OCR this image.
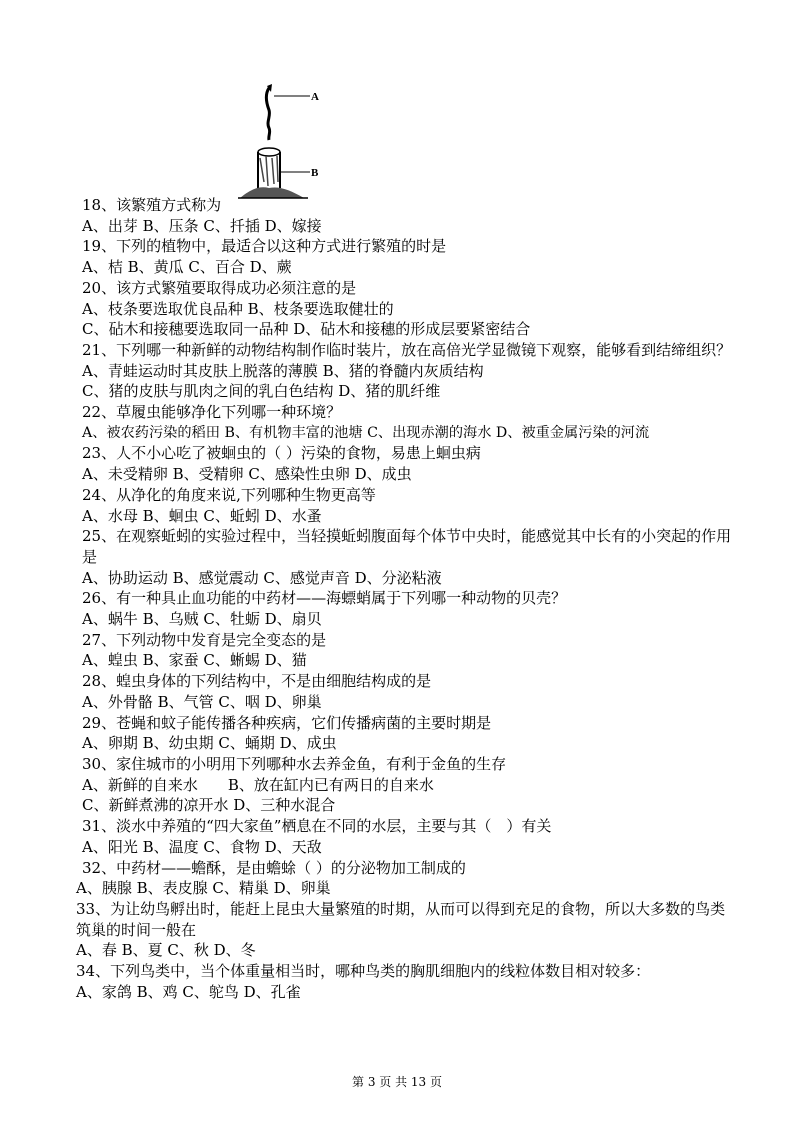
A
B
18、该繁殖方式称为
A、出芽 B、压条 C、扦插 D、嫁接
19、下列的植物中，最适合以这种方式进行繁殖的时是
A、桔 B、黄瓜 C、百合 D、蕨
20、该方式繁殖要取得成功必须注意的是
A、枝条要选取优良品种 B、枝条要选取健壮的
C、砧木和接穗要选取同一品种 D、砧木和接穗的形成层要紧密结合
21、下列哪一种新鲜的动物结构制作临时装片，放在高倍光学显微镜下观察，能够看到结缔组织？
A、青蛙运动时其皮肤上脱落的薄膜 B、猪的脊髓内灰质结构
C、猪的皮肤与肌肉之间的乳白色结构 D、猪的肌纤维
22、草履虫能够净化下列哪一种环境？
A、被农药污染的稻田 B、有机物丰富的池塘 C、出现赤潮的海水 D、被重金属污染的河流
23、人不小心吃了被蛔虫的（ ）污染的食物，易患上蛔虫病
A、未受精卵 B、受精卵 C、感染性虫卵 D、成虫
24、从净化的角度来说,下列哪种生物更高等
A、水母 B、蛔虫 C、蚯蚓 D、水蚤
25、在观察蚯蚓的实验过程中，当轻摸蚯蚓腹面每个体节中央时，能感觉其中长有的小突起的作用是
A、协助运动 B、感觉震动 C、感觉声音 D、分泌粘液
26、有一种具止血功能的中药材——海螵蛸属于下列哪一种动物的贝壳？
A、蜗牛 B、乌贼 C、牡蛎 D、扇贝
27、下列动物中发育是完全变态的是
A、蝗虫 B、家蚕 C、蜥蜴 D、猫
28、蝗虫身体的下列结构中，不是由细胞结构成的是
A、外骨骼 B、气管 C、咽 D、卵巢
29、苍蝇和蚊子能传播各种疾病，它们传播病菌的主要时期是
A、卵期 B、幼虫期 C、蛹期 D、成虫
30、家住城市的小明用下列哪种水去养金鱼，有利于金鱼的生存
A、新鲜的自来水　　B、放在缸内已有两日的自来水
C、新鲜煮沸的凉开水 D、三种水混合
31、淡水中养殖的“四大家鱼”栖息在不同的水层，主要与其（　）有关
A、阳光 B、温度 C、食物 D、天敌
32、中药材——蟾酥，是由蟾蜍（ ）的分泌物加工制成的
A、胰腺 B、表皮腺 C、精巢 D、卵巢
33、为让幼鸟孵出时，能赶上昆虫大量繁殖的时期，从而可以得到充足的食物，所以大多数的鸟类筑巢的时间一般在
A、春 B、夏 C、秋 D、冬
34、下列鸟类中，当个体重量相当时，哪种鸟类的胸肌细胞内的线粒体数目相对较多：
A、家鸽 B、鸡 C、鸵鸟 D、孔雀
第 3 页 共 13 页
